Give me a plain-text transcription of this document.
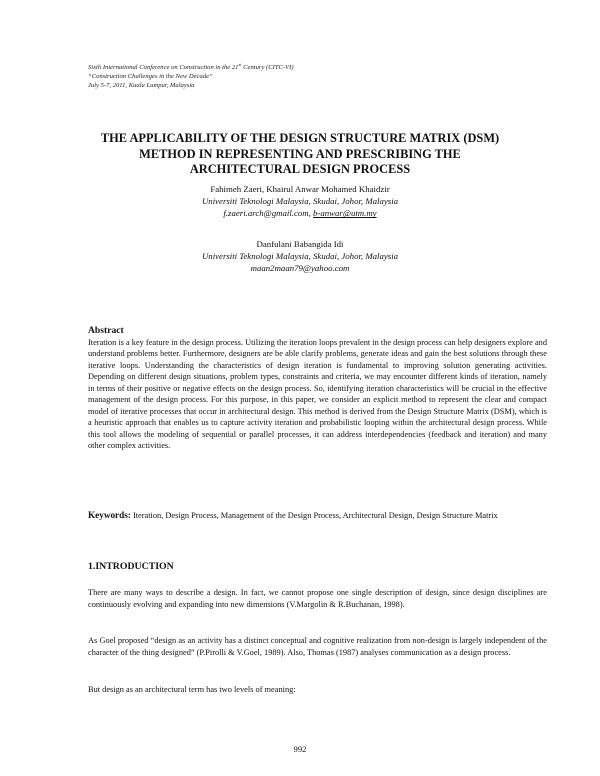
Sixth International Conference on Construction in the 21st Century (CITC-VI)
“Construction Challenges in the New Decade”
July 5-7, 2011, Kuala Lumpur, Malaysia
THE APPLICABILITY OF THE DESIGN STRUCTURE MATRIX (DSM)
METHOD IN REPRESENTING AND PRESCRIBING THE
ARCHITECTURAL DESIGN PROCESS
Fahimeh Zaeri, Khairul Anwar Mohamed Khaidzir
Universiti Teknologi Malaysia, Skudai, Johor, Malaysia
f.zaeri.arch@gmail.com, b-anwar@utm.my
Danfulani Babangida Idi
Universiti Teknologi Malaysia, Skudai, Johor, Malaysia
maan2maan79@yahoo.com
Abstract
Iteration is a key feature in the design process. Utilizing the iteration loops prevalent in the design process can help designers explore and understand problems better. Furthermore, designers are be able clarify problems, generate ideas and gain the best solutions through these iterative loops. Understanding the characteristics of design iteration is fundamental to improving solution generating activities. Depending on different design situations, problem types, constraints and criteria, we may encounter different kinds of iteration, namely in terms of their positive or negative effects on the design process. So, identifying iteration characteristics will be crucial in the effective management of the design process. For this purpose, in this paper, we consider an explicit method to represent the clear and compact model of iterative processes that occur in architectural design. This method is derived from the Design Structure Matrix (DSM), which is a heuristic approach that enables us to capture activity iteration and probabilistic looping within the architectural design process. While this tool allows the modeling of sequential or parallel processes, it can address interdependencies (feedback and iteration) and many other complex activities.
Keywords: Iteration, Design Process, Management of the Design Process, Architectural Design, Design Structure Matrix
1.INTRODUCTION
There are many ways to describe a design. In fact, we cannot propose one single description of design, since design disciplines are continuously evolving and expanding into new dimensions (V.Margolin & R.Buchanan, 1998).
As Goel proposed “design as an activity has a distinct conceptual and cognitive realization from non-design is largely independent of the character of the thing designed” (P.Pirolli & V.Goel, 1989). Also, Thomas (1987) analyses communication as a design process.
But design as an architectural term has two levels of meaning:
992
